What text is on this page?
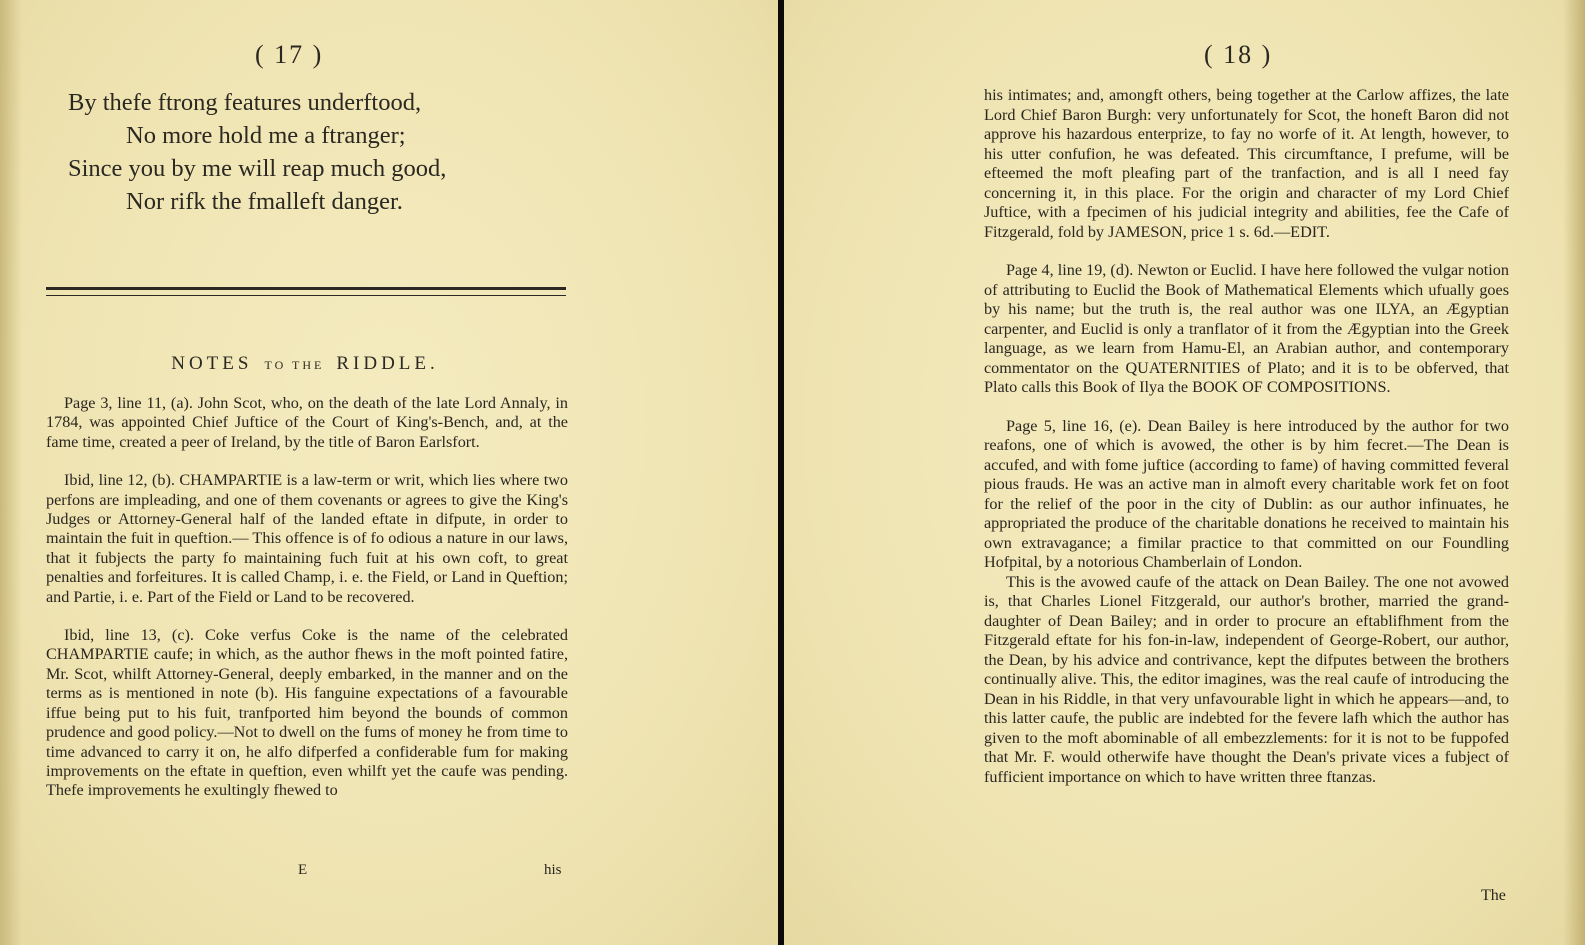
( 17 )
By thefe ftrong features underftood,
No more hold me a ftranger;
Since you by me will reap much good,
Nor rifk the fmalleft danger.
NOTES TO THE RIDDLE.

Page 3, line 11, (a). John Scot, who, on the death of the late Lord Annaly, in 1784, was appointed Chief Juftice of the Court of King's-Bench, and, at the fame time, created a peer of Ireland, by the title of Baron Earlsfort.

Ibid, line 12, (b). CHAMPARTIE is a law-term or writ, which lies where two perfons are impleading, and one of them covenants or agrees to give the King's Judges or Attorney-General half of the landed eftate in difpute, in order to maintain the fuit in queftion.— This offence is of fo odious a nature in our laws, that it fubjects the party fo maintaining fuch fuit at his own coft, to great penalties and forfeitures. It is called Champ, i. e. the Field, or Land in Queftion; and Partie, i. e. Part of the Field or Land to be recovered.

Ibid, line 13, (c). Coke verfus Coke is the name of the celebrated CHAMPARTIE caufe; in which, as the author fhews in the moft pointed fatire, Mr. Scot, whilft Attorney-General, deeply embarked, in the manner and on the terms as is mentioned in note (b). His fanguine expectations of a favourable iffue being put to his fuit, tranfported him beyond the bounds of common prudence and good policy.—Not to dwell on the fums of money he from time to time advanced to carry it on, he alfo difperfed a confiderable fum for making improvements on the eftate in queftion, even whilft yet the caufe was pending. Thefe improvements he exultingly fhewed to

E	his
( 18 )

his intimates; and, amongft others, being together at the Carlow affizes, the late Lord Chief Baron Burgh: very unfortunately for Scot, the honeft Baron did not approve his hazardous enterprize, to fay no worfe of it. At length, however, to his utter confufion, he was defeated. This circumftance, I prefume, will be efteemed the moft pleafing part of the tranfaction, and is all I need fay concerning it, in this place. For the origin and character of my Lord Chief Juftice, with a fpecimen of his judicial integrity and abilities, fee the Cafe of Fitzgerald, fold by JAMESON, price 1 s. 6d.—EDIT.

Page 4, line 19, (d). Newton or Euclid. I have here followed the vulgar notion of attributing to Euclid the Book of Mathematical Elements which ufually goes by his name; but the truth is, the real author was one ILYA, an Ægyptian carpenter, and Euclid is only a tranflator of it from the Ægyptian into the Greek language, as we learn from Hamu-El, an Arabian author, and contemporary commentator on the QUATERNITIES of Plato; and it is to be obferved, that Plato calls this Book of Ilya the BOOK OF COMPOSITIONS.

Page 5, line 16, (e). Dean Bailey is here introduced by the author for two reafons, one of which is avowed, the other is by him fecret.—The Dean is accufed, and with fome juftice (according to fame) of having committed feveral pious frauds. He was an active man in almoft every charitable work fet on foot for the relief of the poor in the city of Dublin: as our author infinuates, he appropriated the produce of the charitable donations he received to maintain his own extravagance; a fimilar practice to that committed on our Foundling Hofpital, by a notorious Chamberlain of London.

This is the avowed caufe of the attack on Dean Bailey. The one not avowed is, that Charles Lionel Fitzgerald, our author's brother, married the grand-daughter of Dean Bailey; and in order to procure an eftablifhment from the Fitzgerald eftate for his fon-in-law, independent of George-Robert, our author, the Dean, by his advice and contrivance, kept the difputes between the brothers continually alive. This, the editor imagines, was the real caufe of introducing the Dean in his Riddle, in that very unfavourable light in which he appears—and, to this latter caufe, the public are indebted for the fevere lafh which the author has given to the moft abominable of all embezzlements: for it is not to be fuppofed that Mr. F. would otherwife have thought the Dean's private vices a fubject of fufficient importance on which to have written three ftanzas.

The
